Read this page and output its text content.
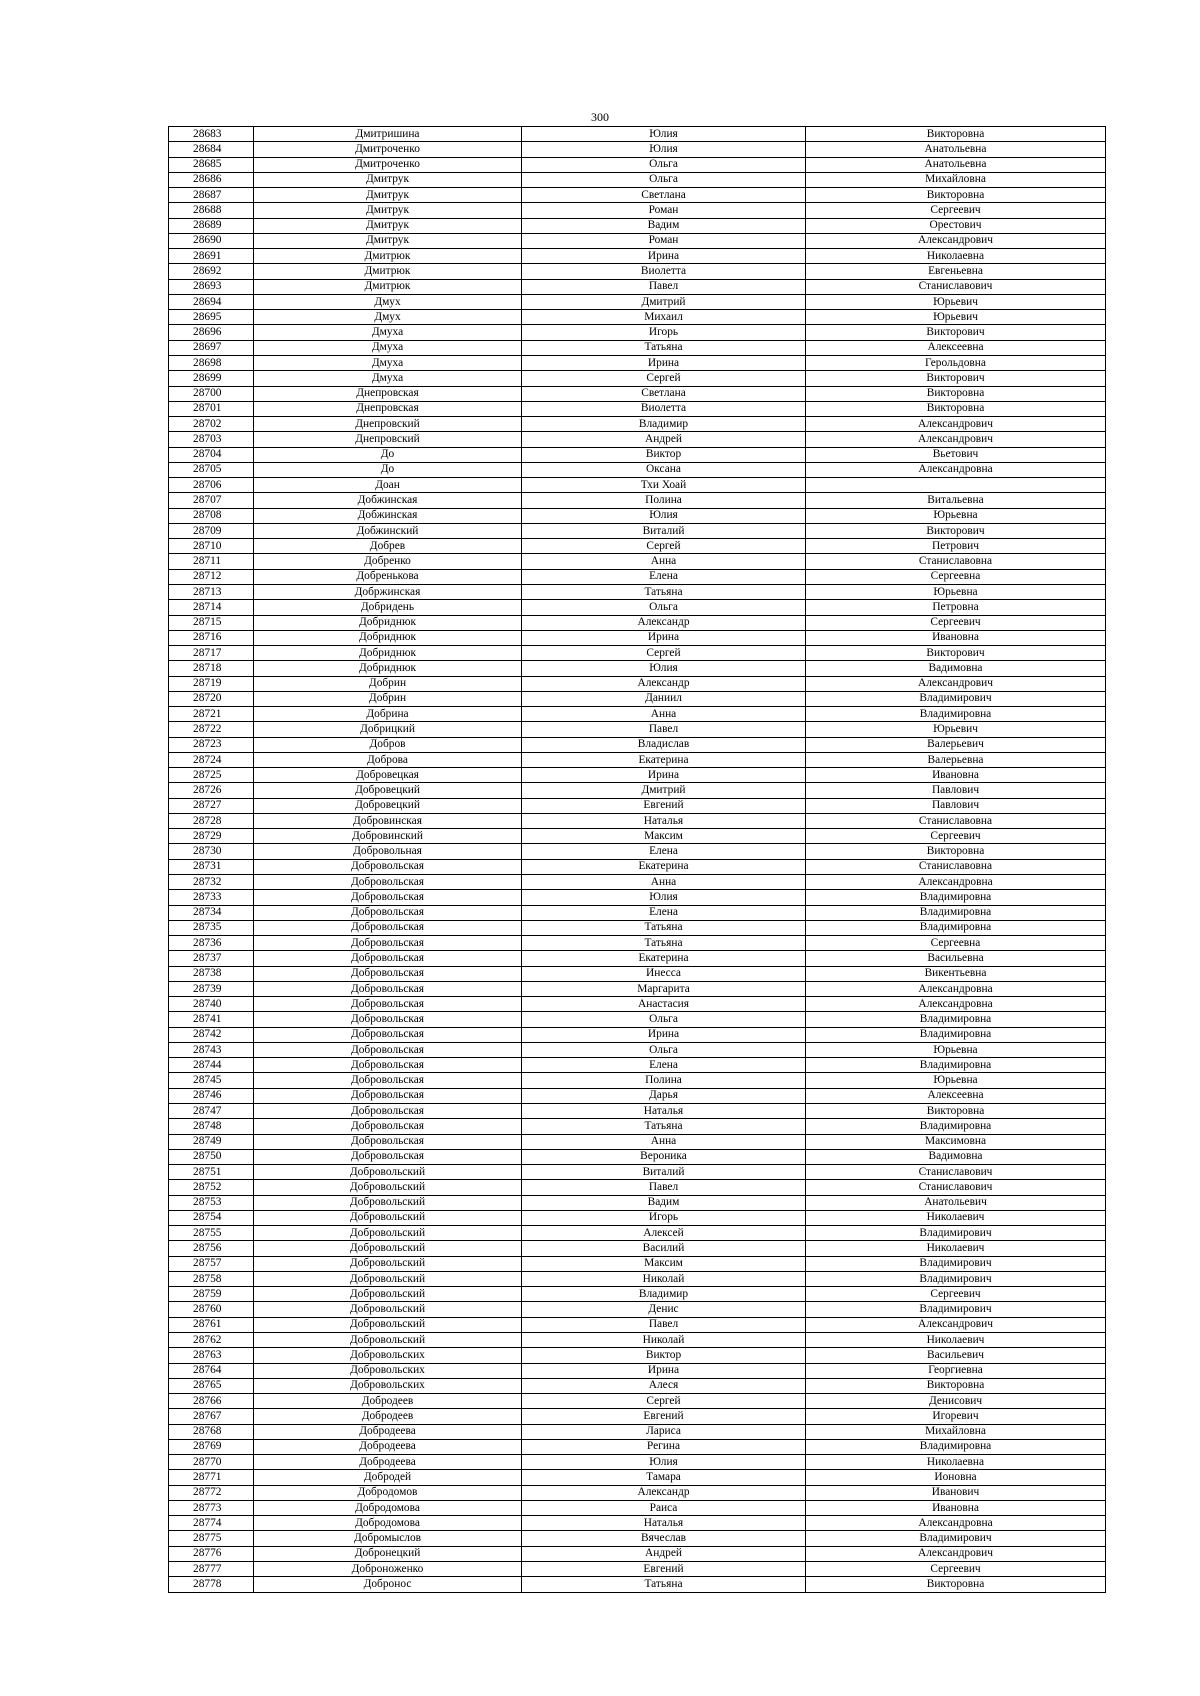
300
28683	Дмитришина	Юлия	Викторовна
28684	Дмитроченко	Юлия	Анатольевна
28685	Дмитроченко	Ольга	Анатольевна
28686	Дмитрук	Ольга	Михайловна
28687	Дмитрук	Светлана	Викторовна
28688	Дмитрук	Роман	Сергеевич
28689	Дмитрук	Вадим	Орестович
28690	Дмитрук	Роман	Александрович
28691	Дмитрюк	Ирина	Николаевна
28692	Дмитрюк	Виолетта	Евгеньевна
28693	Дмитрюк	Павел	Станиславович
28694	Дмух	Дмитрий	Юрьевич
28695	Дмух	Михаил	Юрьевич
28696	Дмуха	Игорь	Викторович
28697	Дмуха	Татьяна	Алексеевна
28698	Дмуха	Ирина	Герольдовна
28699	Дмуха	Сергей	Викторович
28700	Днепровская	Светлана	Викторовна
28701	Днепровская	Виолетта	Викторовна
28702	Днепровский	Владимир	Александрович
28703	Днепровский	Андрей	Александрович
28704	До	Виктор	Вьетович
28705	До	Оксана	Александровна
28706	Доан	Тхи Хоай	
28707	Добжинская	Полина	Витальевна
28708	Добжинская	Юлия	Юрьевна
28709	Добжинский	Виталий	Викторович
28710	Добрев	Сергей	Петрович
28711	Добренко	Анна	Станиславовна
28712	Добренькова	Елена	Сергеевна
28713	Добржинская	Татьяна	Юрьевна
28714	Добридень	Ольга	Петровна
28715	Добриднюк	Александр	Сергеевич
28716	Добриднюк	Ирина	Ивановна
28717	Добриднюк	Сергей	Викторович
28718	Добриднюк	Юлия	Вадимовна
28719	Добрин	Александр	Александрович
28720	Добрин	Даниил	Владимирович
28721	Добрина	Анна	Владимировна
28722	Добрицкий	Павел	Юрьевич
28723	Добров	Владислав	Валерьевич
28724	Доброва	Екатерина	Валерьевна
28725	Добровецкая	Ирина	Ивановна
28726	Добровецкий	Дмитрий	Павлович
28727	Добровецкий	Евгений	Павлович
28728	Добровинская	Наталья	Станиславовна
28729	Добровинский	Максим	Сергеевич
28730	Добровольная	Елена	Викторовна
28731	Добровольская	Екатерина	Станиславовна
28732	Добровольская	Анна	Александровна
28733	Добровольская	Юлия	Владимировна
28734	Добровольская	Елена	Владимировна
28735	Добровольская	Татьяна	Владимировна
28736	Добровольская	Татьяна	Сергеевна
28737	Добровольская	Екатерина	Васильевна
28738	Добровольская	Инесса	Викентьевна
28739	Добровольская	Маргарита	Александровна
28740	Добровольская	Анастасия	Александровна
28741	Добровольская	Ольга	Владимировна
28742	Добровольская	Ирина	Владимировна
28743	Добровольская	Ольга	Юрьевна
28744	Добровольская	Елена	Владимировна
28745	Добровольская	Полина	Юрьевна
28746	Добровольская	Дарья	Алексеевна
28747	Добровольская	Наталья	Викторовна
28748	Добровольская	Татьяна	Владимировна
28749	Добровольская	Анна	Максимовна
28750	Добровольская	Вероника	Вадимовна
28751	Добровольский	Виталий	Станиславович
28752	Добровольский	Павел	Станиславович
28753	Добровольский	Вадим	Анатольевич
28754	Добровольский	Игорь	Николаевич
28755	Добровольский	Алексей	Владимирович
28756	Добровольский	Василий	Николаевич
28757	Добровольский	Максим	Владимирович
28758	Добровольский	Николай	Владимирович
28759	Добровольский	Владимир	Сергеевич
28760	Добровольский	Денис	Владимирович
28761	Добровольский	Павел	Александрович
28762	Добровольский	Николай	Николаевич
28763	Добровольских	Виктор	Васильевич
28764	Добровольских	Ирина	Георгиевна
28765	Добровольских	Алеся	Викторовна
28766	Добродеев	Сергей	Денисович
28767	Добродеев	Евгений	Игоревич
28768	Добродеева	Лариса	Михайловна
28769	Добродеева	Регина	Владимировна
28770	Добродеева	Юлия	Николаевна
28771	Добродей	Тамара	Ионовна
28772	Добродомов	Александр	Иванович
28773	Добродомова	Раиса	Ивановна
28774	Добродомова	Наталья	Александровна
28775	Добромыслов	Вячеслав	Владимирович
28776	Добронецкий	Андрей	Александрович
28777	Доброноженко	Евгений	Сергеевич
28778	Добронос	Татьяна	Викторовна
